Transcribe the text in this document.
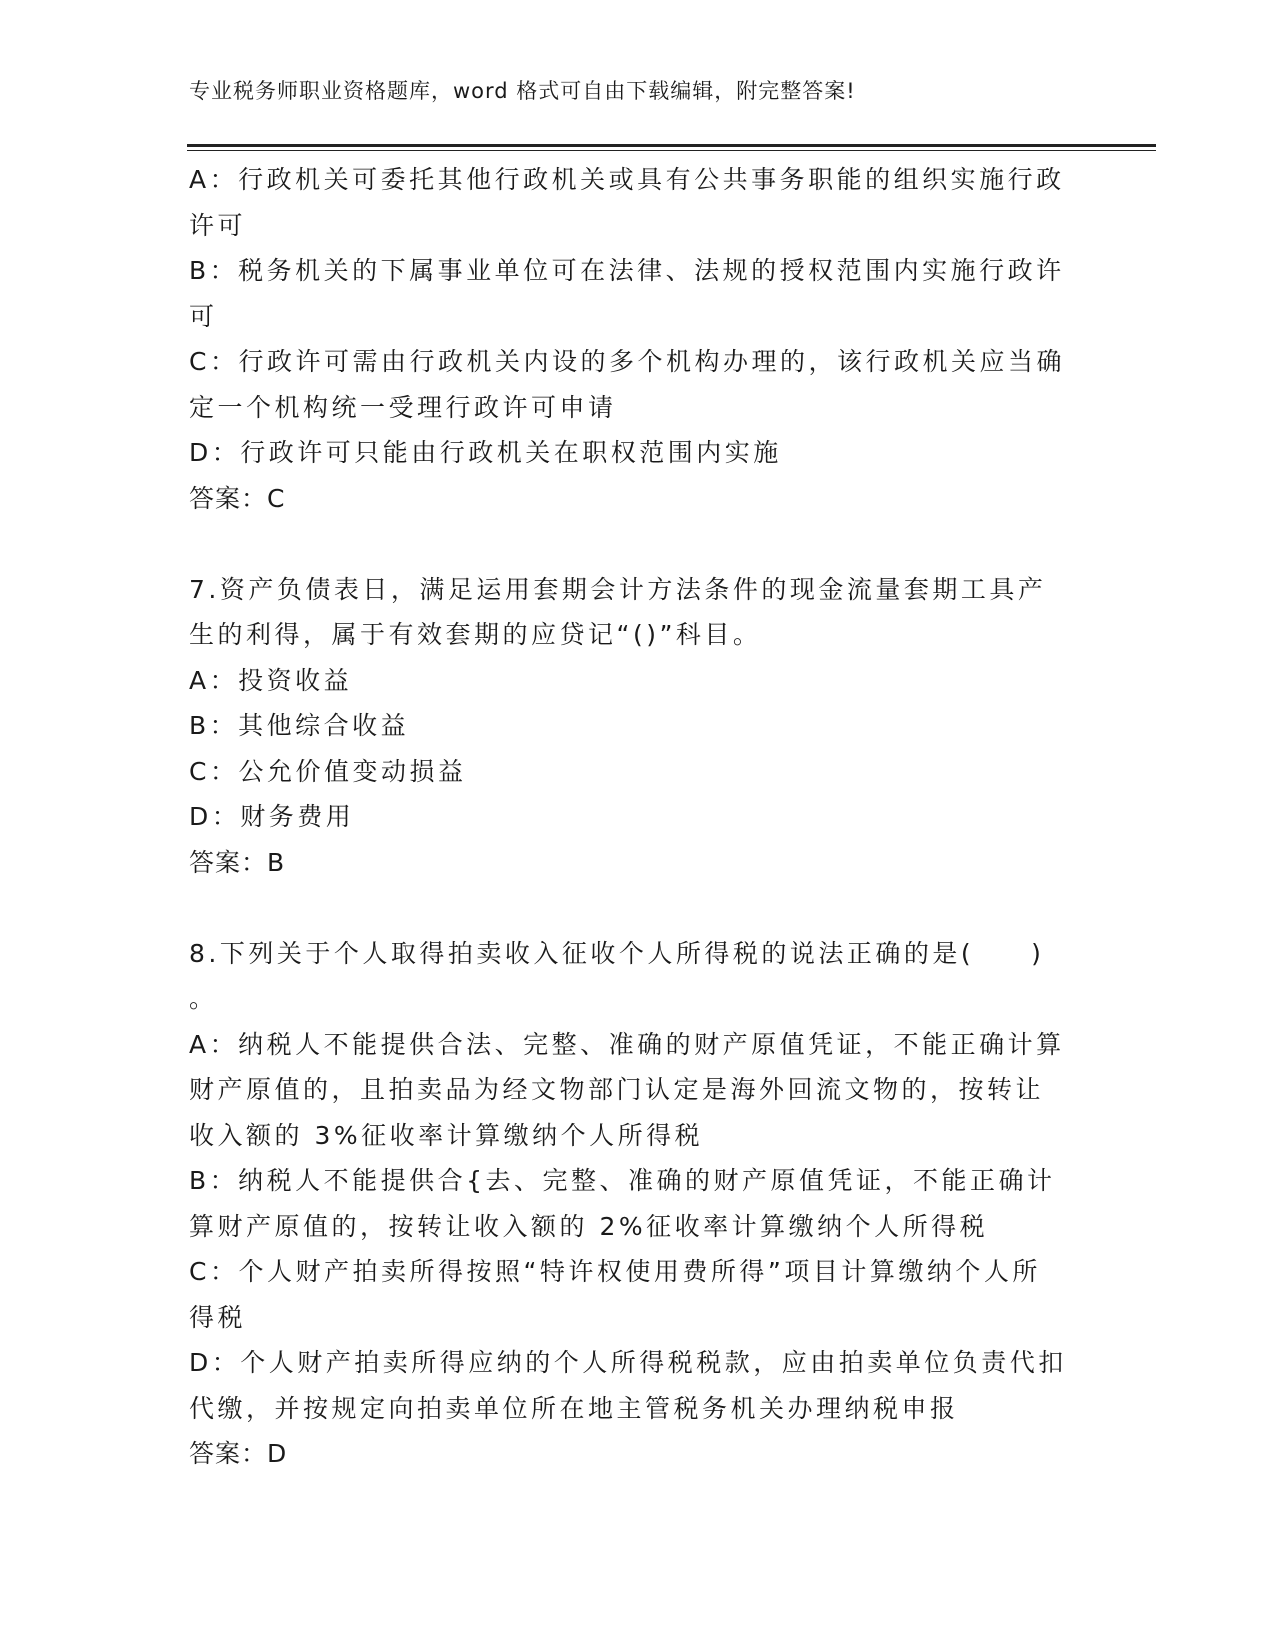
专业税务师职业资格题库，word 格式可自由下载编辑，附完整答案!
A：行政机关可委托其他行政机关或具有公共事务职能的组织实施行政
许可
B：税务机关的下属事业单位可在法律、法规的授权范围内实施行政许
可
C：行政许可需由行政机关内设的多个机构办理的，该行政机关应当确
定一个机构统一受理行政许可申请
D：行政许可只能由行政机关在职权范围内实施
答案：C
7.资产负债表日，满足运用套期会计方法条件的现金流量套期工具产
生的利得，属于有效套期的应贷记“()”科目。
A：投资收益
B：其他综合收益
C：公允价值变动损益
D：财务费用
答案：B
8.下列关于个人取得拍卖收入征收个人所得税的说法正确的是(　　)
。
A：纳税人不能提供合法、完整、准确的财产原值凭证，不能正确计算
财产原值的，且拍卖品为经文物部门认定是海外回流文物的，按转让
收入额的 3%征收率计算缴纳个人所得税
B：纳税人不能提供合{去、完整、准确的财产原值凭证，不能正确计
算财产原值的，按转让收入额的 2%征收率计算缴纳个人所得税
C：个人财产拍卖所得按照“特许权使用费所得”项目计算缴纳个人所
得税
D：个人财产拍卖所得应纳的个人所得税税款，应由拍卖单位负责代扣
代缴，并按规定向拍卖单位所在地主管税务机关办理纳税申报
答案：D
